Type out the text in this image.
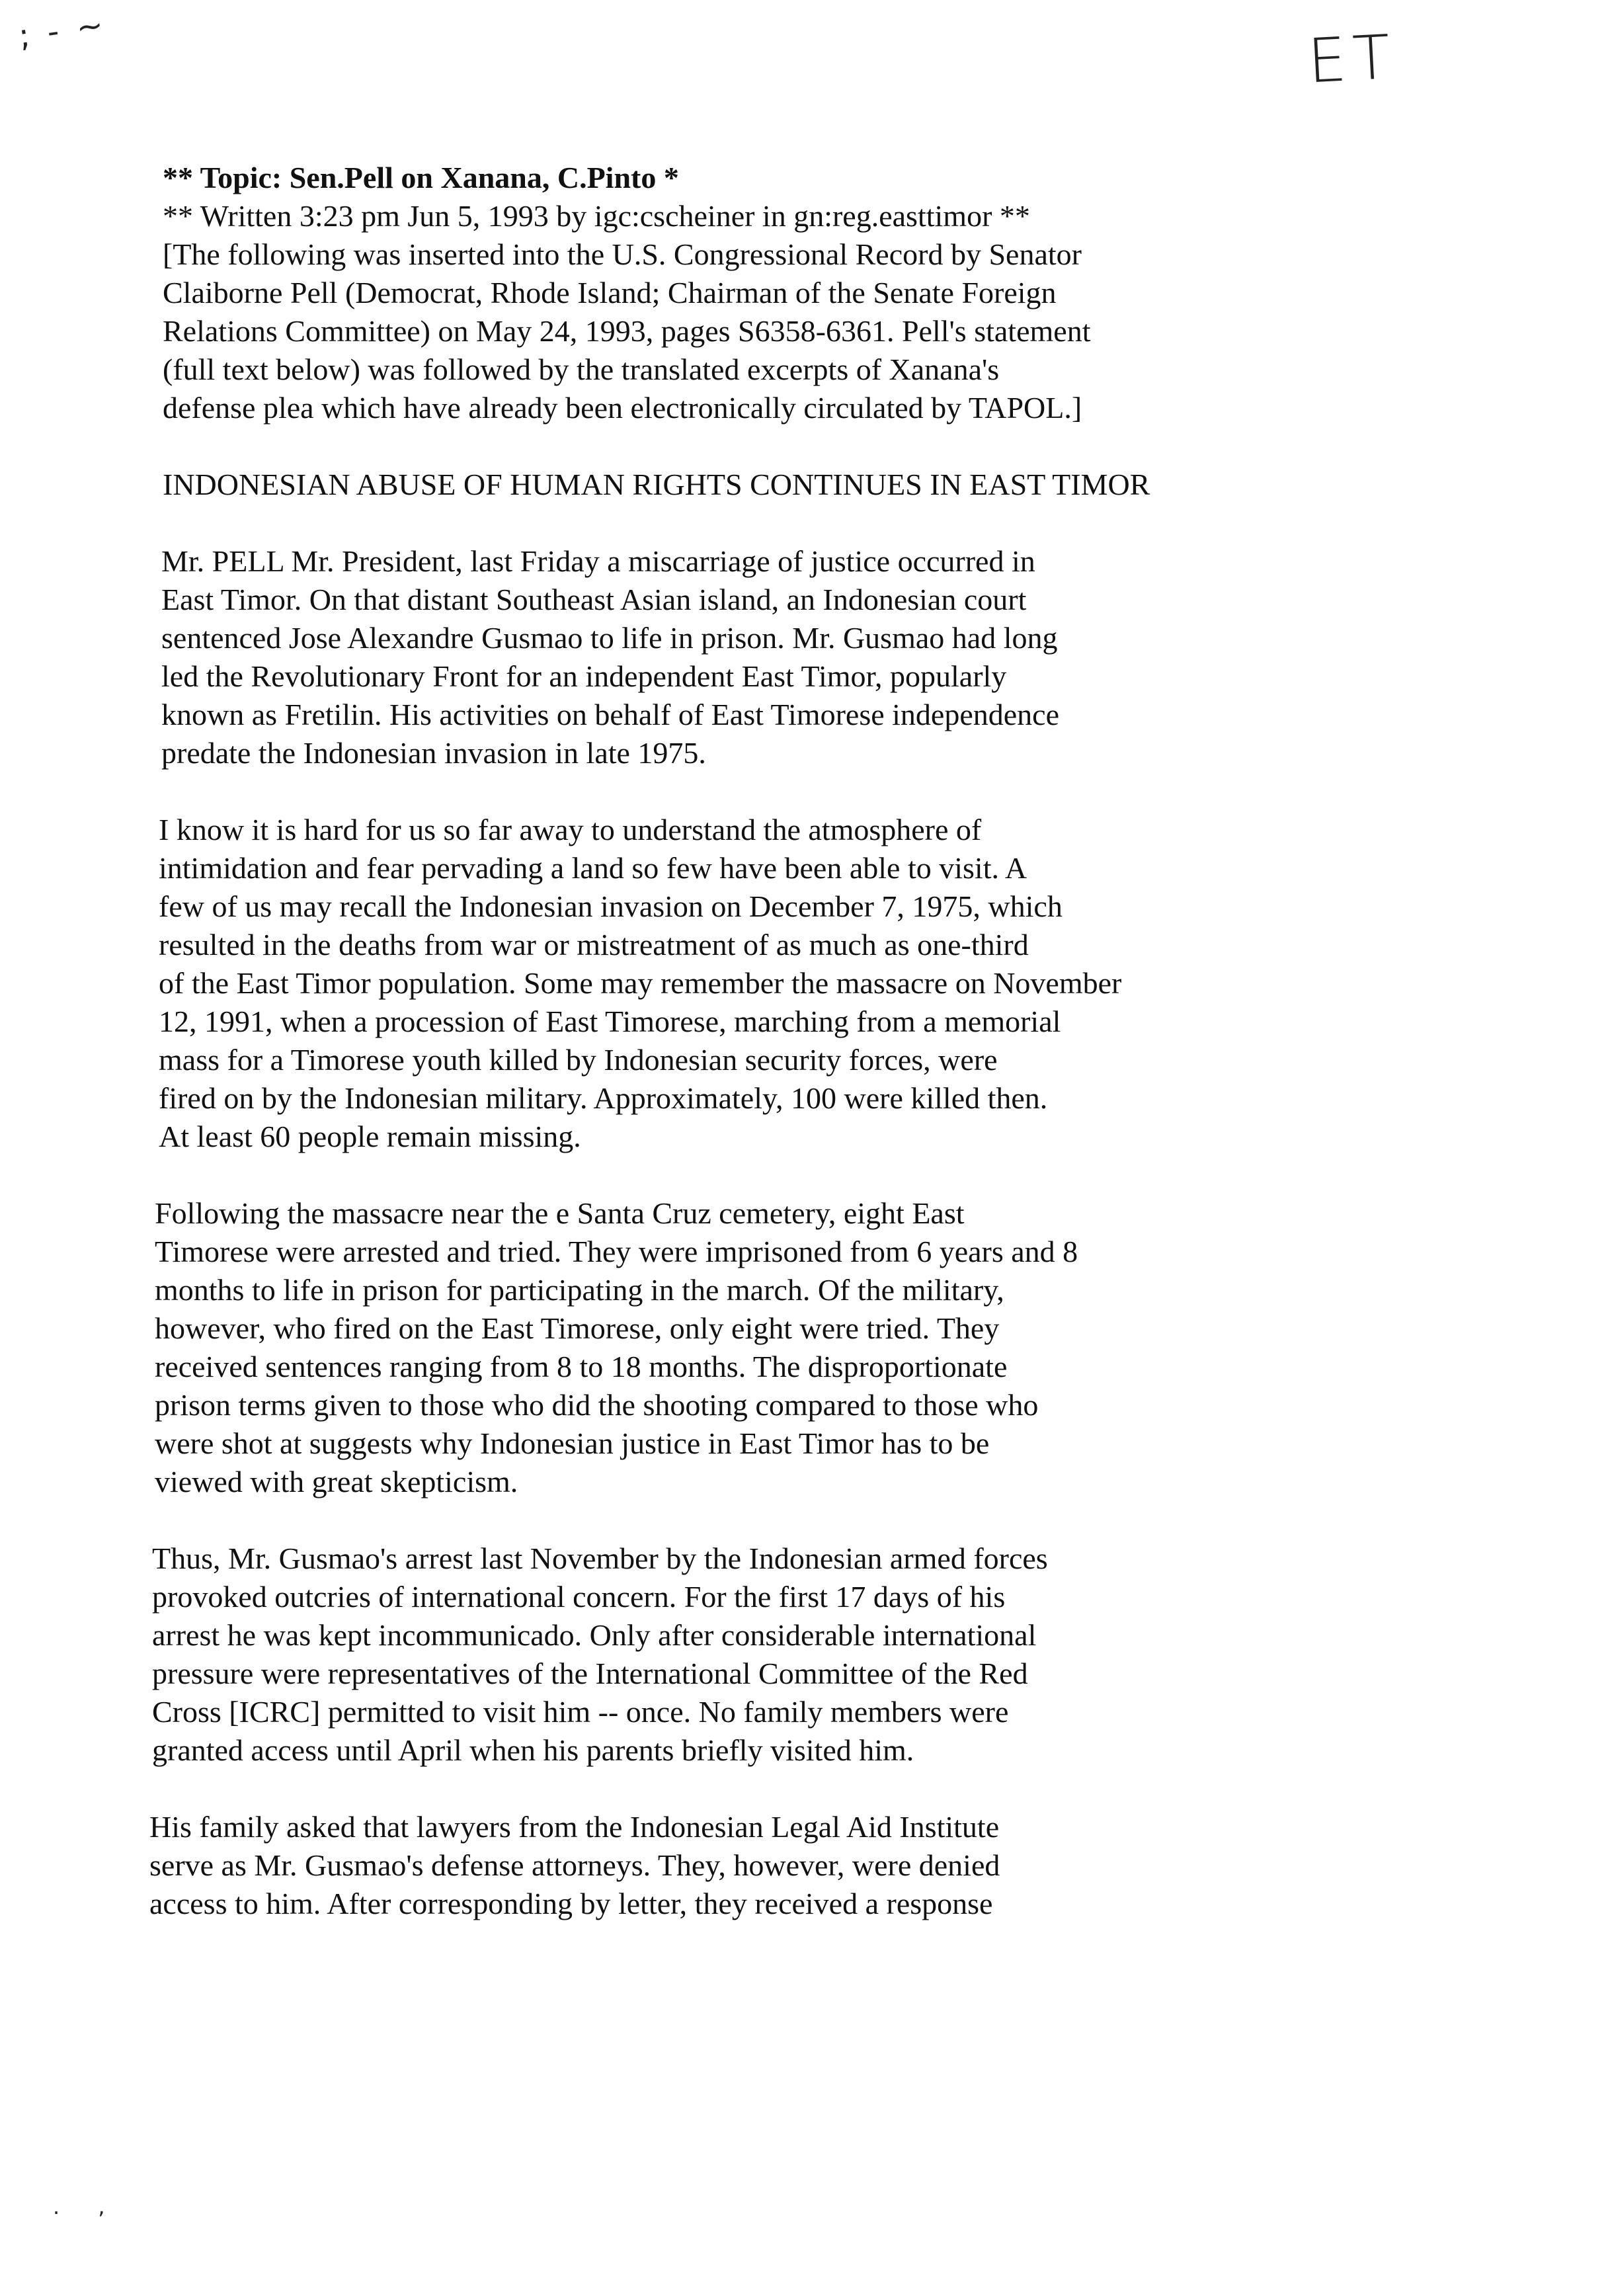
; - ~	ET
. ,
** Topic: Sen.Pell on Xanana, C.Pinto *
** Written 3:23 pm Jun 5, 1993 by igc:cscheiner in gn:reg.easttimor **
[The following was inserted into the U.S. Congressional Record by Senator
Claiborne Pell (Democrat, Rhode Island; Chairman of the Senate Foreign
Relations Committee) on May 24, 1993, pages S6358-6361. Pell's statement
(full text below) was followed by the translated excerpts of Xanana's
defense plea which have already been electronically circulated by TAPOL.]
INDONESIAN ABUSE OF HUMAN RIGHTS CONTINUES IN EAST TIMOR
Mr. PELL Mr. President, last Friday a miscarriage of justice occurred in
East Timor. On that distant Southeast Asian island, an Indonesian court
sentenced Jose Alexandre Gusmao to life in prison. Mr. Gusmao had long
led the Revolutionary Front for an independent East Timor, popularly
known as Fretilin. His activities on behalf of East Timorese independence
predate the Indonesian invasion in late 1975.
I know it is hard for us so far away to understand the atmosphere of
intimidation and fear pervading a land so few have been able to visit. A
few of us may recall the Indonesian invasion on December 7, 1975, which
resulted in the deaths from war or mistreatment of as much as one-third
of the East Timor population. Some may remember the massacre on November
12, 1991, when a procession of East Timorese, marching from a memorial
mass for a Timorese youth killed by Indonesian security forces, were
fired on by the Indonesian military. Approximately, 100 were killed then.
At least 60 people remain missing.
Following the massacre near the e Santa Cruz cemetery, eight East
Timorese were arrested and tried. They were imprisoned from 6 years and 8
months to life in prison for participating in the march. Of the military,
however, who fired on the East Timorese, only eight were tried. They
received sentences ranging from 8 to 18 months. The disproportionate
prison terms given to those who did the shooting compared to those who
were shot at suggests why Indonesian justice in East Timor has to be
viewed with great skepticism.
Thus, Mr. Gusmao's arrest last November by the Indonesian armed forces
provoked outcries of international concern. For the first 17 days of his
arrest he was kept incommunicado. Only after considerable international
pressure were representatives of the International Committee of the Red
Cross [ICRC] permitted to visit him -- once. No family members were
granted access until April when his parents briefly visited him.
His family asked that lawyers from the Indonesian Legal Aid Institute
serve as Mr. Gusmao's defense attorneys. They, however, were denied
access to him. After corresponding by letter, they received a response
